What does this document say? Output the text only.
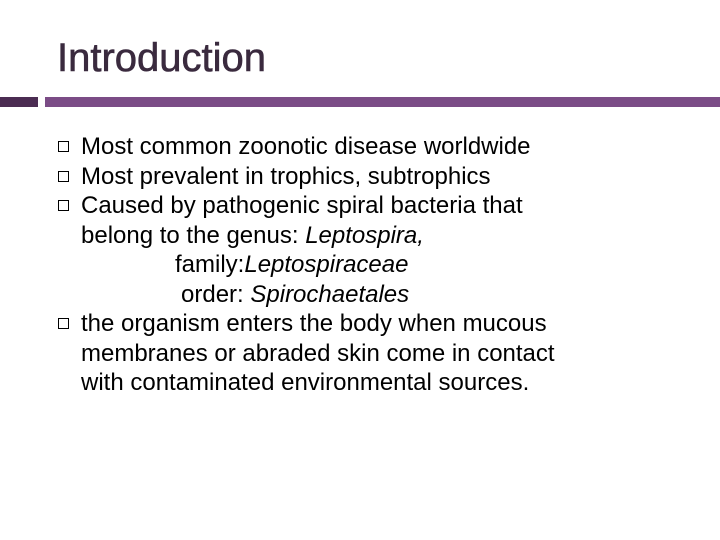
Introduction
Most common zoonotic disease worldwide
Most prevalent in trophics, subtrophics
Caused by pathogenic spiral bacteria that
belong to the genus: Leptospira,
family:Leptospiraceae
order: Spirochaetales
the organism enters the body when mucous
membranes or abraded skin come in contact
with contaminated environmental sources.
